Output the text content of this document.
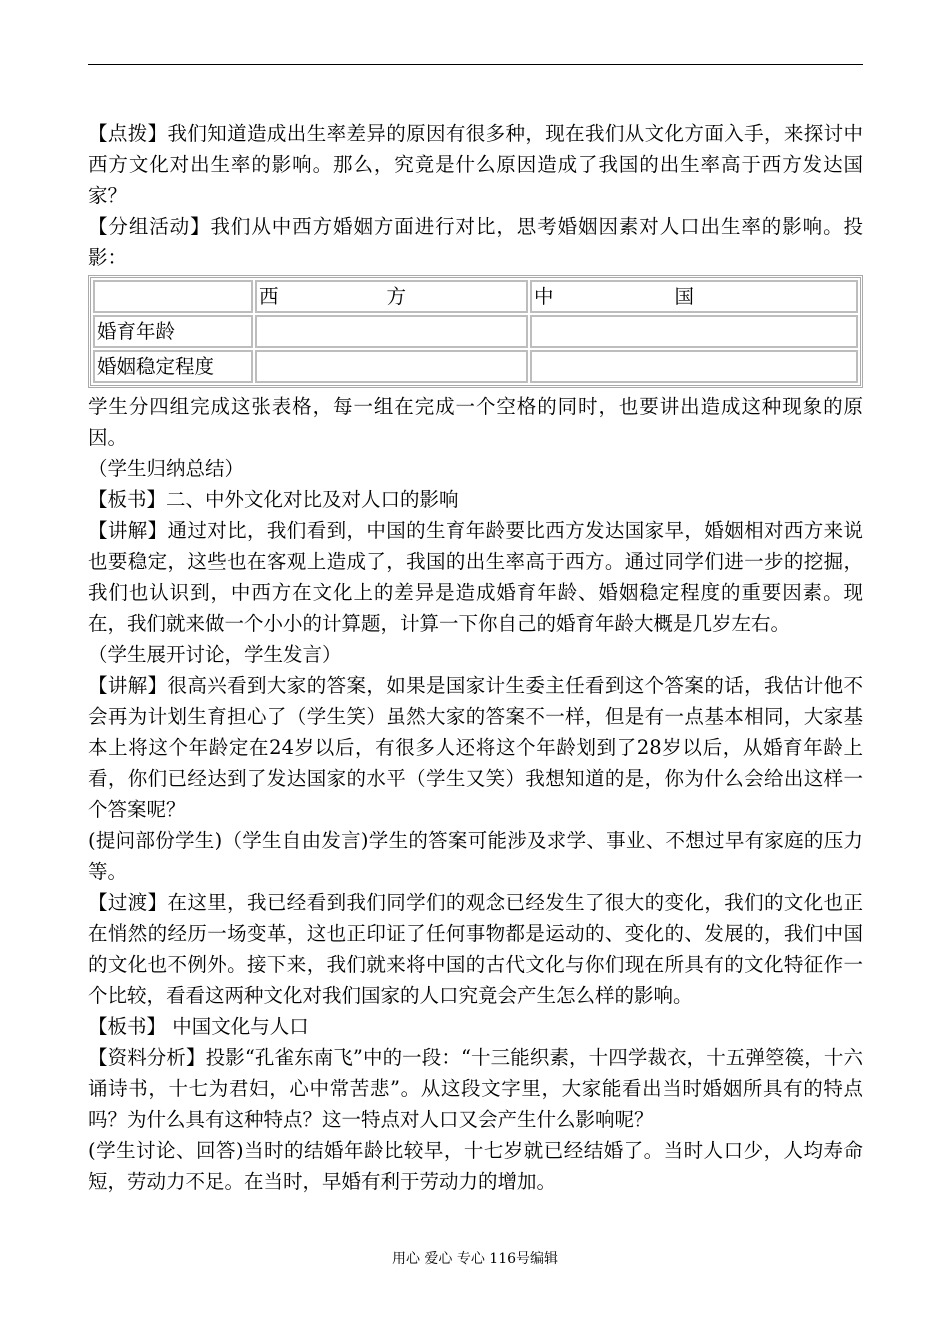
【点拨】我们知道造成出生率差异的原因有很多种，现在我们从文化方面入手，来探讨中西方文化对出生率的影响。那么，究竟是什么原因造成了我国的出生率高于西方发达国家？

【分组活动】我们从中西方婚姻方面进行对比，思考婚姻因素对人口出生率的影响。投影：

	西 方	中 国

婚育年龄		
婚姻稳定程度		

学生分四组完成这张表格，每一组在完成一个空格的同时，也要讲出造成这种现象的原因。

（学生归纳总结）

【板书】二、中外文化对比及对人口的影响

【讲解】通过对比，我们看到，中国的生育年龄要比西方发达国家早，婚姻相对西方来说也要稳定，这些也在客观上造成了，我国的出生率高于西方。通过同学们进一步的挖掘，我们也认识到，中西方在文化上的差异是造成婚育年龄、婚姻稳定程度的重要因素。现在，我们就来做一个小小的计算题，计算一下你自己的婚育年龄大概是几岁左右。

（学生展开讨论，学生发言）

【讲解】很高兴看到大家的答案，如果是国家计生委主任看到这个答案的话，我估计他不会再为计划生育担心了（学生笑）虽然大家的答案不一样，但是有一点基本相同，大家基本上将这个年龄定在24岁以后，有很多人还将这个年龄划到了28岁以后，从婚育年龄上看，你们已经达到了发达国家的水平（学生又笑）我想知道的是，你为什么会给出这样一个答案呢？

(提问部份学生)（学生自由发言)学生的答案可能涉及求学、事业、不想过早有家庭的压力等。

【过渡】在这里，我已经看到我们同学们的观念已经发生了很大的变化，我们的文化也正在悄然的经历一场变革，这也正印证了任何事物都是运动的、变化的、发展的，我们中国的文化也不例外。接下来，我们就来将中国的古代文化与你们现在所具有的文化特征作一个比较，看看这两种文化对我们国家的人口究竟会产生怎么样的影响。

【板书】 中国文化与人口

【资料分析】投影“孔雀东南飞”中的一段：“十三能织素，十四学裁衣，十五弹箜篌，十六诵诗书，十七为君妇，心中常苦悲”。从这段文字里，大家能看出当时婚姻所具有的特点吗？为什么具有这种特点？这一特点对人口又会产生什么影响呢？

(学生讨论、回答)当时的结婚年龄比较早，十七岁就已经结婚了。当时人口少，人均寿命短，劳动力不足。在当时，早婚有利于劳动力的增加。

用心 爱心 专心 116号编辑
